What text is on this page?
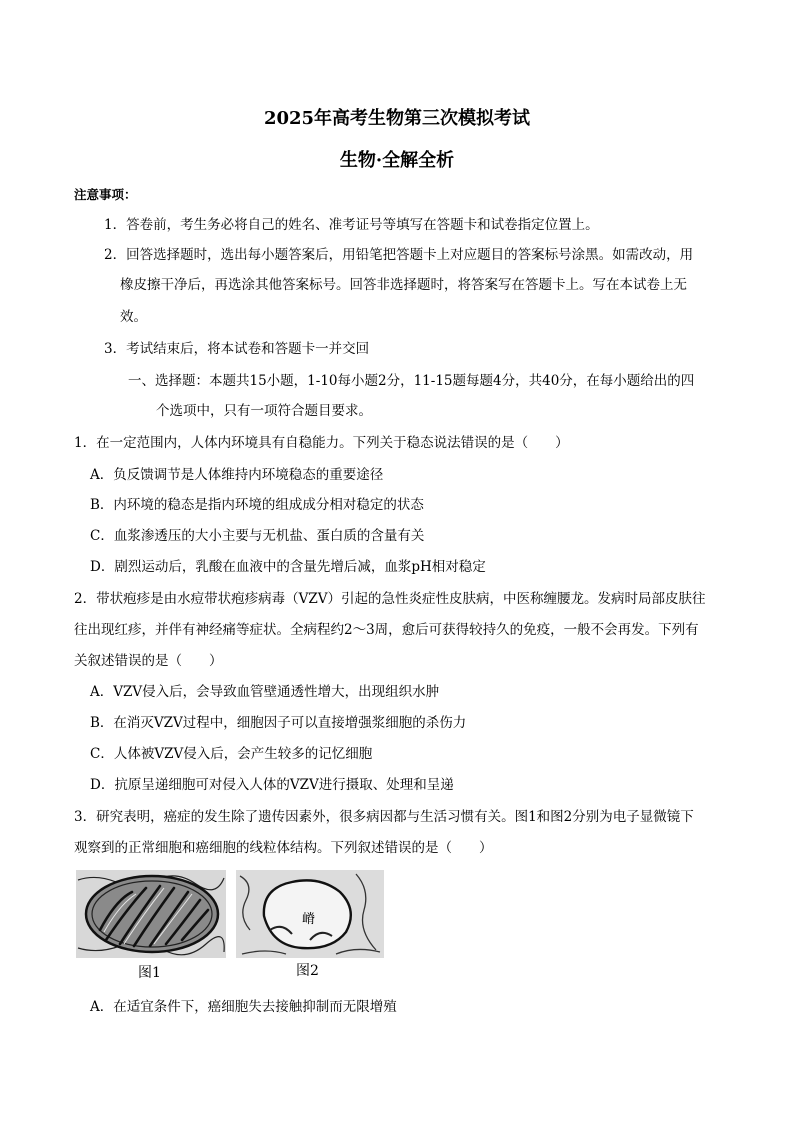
2025年高考生物第三次模拟考试
生物·全解全析
注意事项：
1．答卷前，考生务必将自己的姓名、准考证号等填写在答题卡和试卷指定位置上。
2．回答选择题时，选出每小题答案后，用铅笔把答题卡上对应题目的答案标号涂黑。如需改动，用
橡皮擦干净后，再选涂其他答案标号。回答非选择题时，将答案写在答题卡上。写在本试卷上无
效。
3．考试结束后，将本试卷和答题卡一并交回
一、选择题：本题共15小题，1-10每小题2分，11-15题每题4分，共40分，在每小题给出的四
个选项中，只有一项符合题目要求。
1．在一定范围内，人体内环境具有自稳能力。下列关于稳态说法错误的是（　　）
A．负反馈调节是人体维持内环境稳态的重要途径
B．内环境的稳态是指内环境的组成成分相对稳定的状态
C．血浆渗透压的大小主要与无机盐、蛋白质的含量有关
D．剧烈运动后，乳酸在血液中的含量先增后减，血浆pH相对稳定
2．带状疱疹是由水痘带状疱疹病毒（VZV）引起的急性炎症性皮肤病，中医称缠腰龙。发病时局部皮肤往
往出现红疹，并伴有神经痛等症状。全病程约2～3周，愈后可获得较持久的免疫，一般不会再发。下列有
关叙述错误的是（　　）
A．VZV侵入后，会导致血管壁通透性增大，出现组织水肿
B．在消灭VZV过程中，细胞因子可以直接增强浆细胞的杀伤力
C．人体被VZV侵入后，会产生较多的记忆细胞
D．抗原呈递细胞可对侵入人体的VZV进行摄取、处理和呈递
3．研究表明，癌症的发生除了遗传因素外，很多病因都与生活习惯有关。图1和图2分别为电子显微镜下
观察到的正常细胞和癌细胞的线粒体结构。下列叙述错误的是（　　）
图1
嵴
图2
A．在适宜条件下，癌细胞失去接触抑制而无限增殖
